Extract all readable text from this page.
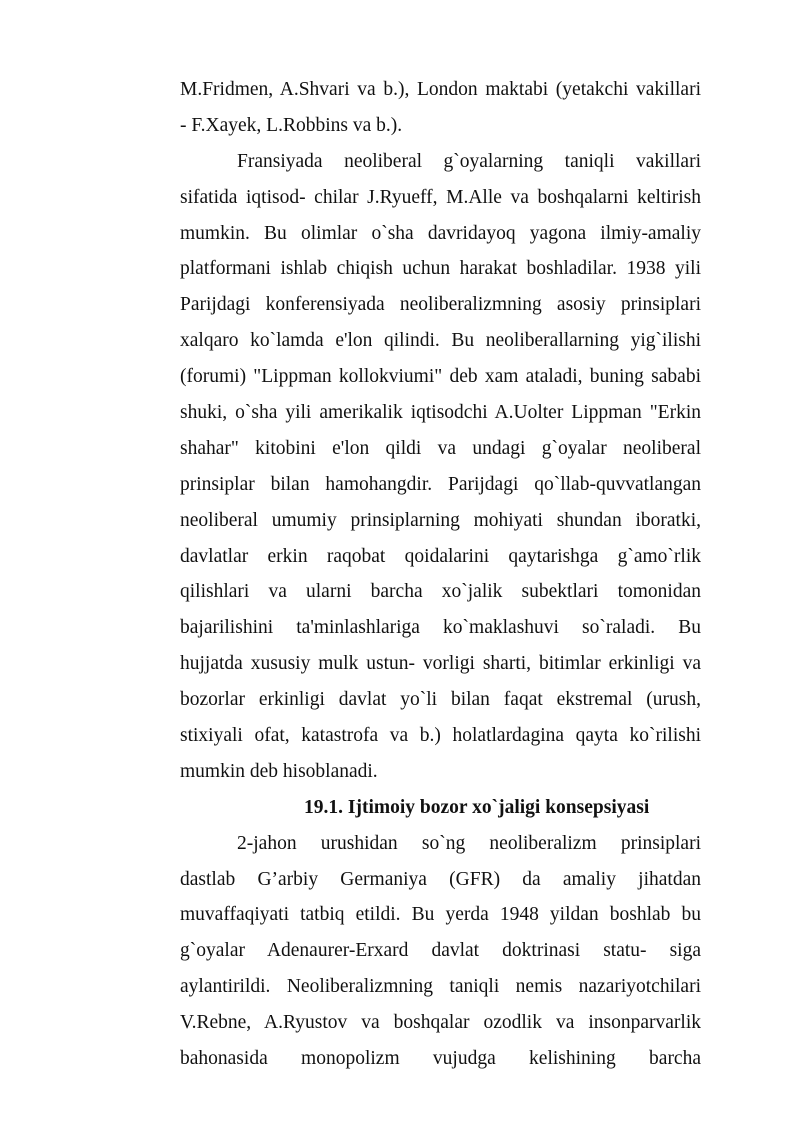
M.Fridmen, A.Shvari va b.), London maktabi (yetakchi vakillari
- F.Xayek, L.Robbins va b.).
Fransiyada neoliberal g`oyalarning taniqli vakillari
sifatida iqtisod- chilar J.Ryueff, M.Alle va boshqalarni keltirish
mumkin. Bu olimlar o`sha davridayoq yagona ilmiy-amaliy
platformani ishlab chiqish uchun harakat boshladilar. 1938 yili
Parijdagi konferensiyada neoliberalizmning asosiy prinsiplari
xalqaro ko`lamda e'lon qilindi. Bu neoliberallarning yig`ilishi
(forumi) "Lippman kollokviumi" deb xam ataladi, buning sababi
shuki, o`sha yili amerikalik iqtisodchi A.Uolter Lippman "Erkin
shahar" kitobini e'lon qildi va undagi g`oyalar neoliberal
prinsiplar bilan hamohangdir. Parijdagi qo`llab-quvvatlangan
neoliberal umumiy prinsiplarning mohiyati shundan iboratki,
davlatlar erkin raqobat qoidalarini qaytarishga g`amo`rlik
qilishlari va ularni barcha xo`jalik subektlari tomonidan
bajarilishini ta'minlashlariga ko`maklashuvi so`raladi. Bu
hujjatda xususiy mulk ustun- vorligi sharti, bitimlar erkinligi va
bozorlar erkinligi davlat yo`li bilan faqat ekstremal (urush,
stixiyali ofat, katastrofa va b.) holatlardagina qayta ko`rilishi
mumkin deb hisoblanadi.
19.1. Ijtimoiy bozor xo`jaligi konsepsiyasi
2-jahon urushidan so`ng neoliberalizm prinsiplari
dastlab G’arbiy Germaniya (GFR) da amaliy jihatdan
muvaffaqiyati tatbiq etildi. Bu yerda 1948 yildan boshlab bu
g`oyalar Adenaurer-Erxard davlat doktrinasi statu- siga
aylantirildi. Neoliberalizmning taniqli nemis nazariyotchilari
V.Rebne, A.Ryustov va boshqalar ozodlik va insonparvarlik
bahonasida monopolizm vujudga kelishining barcha
